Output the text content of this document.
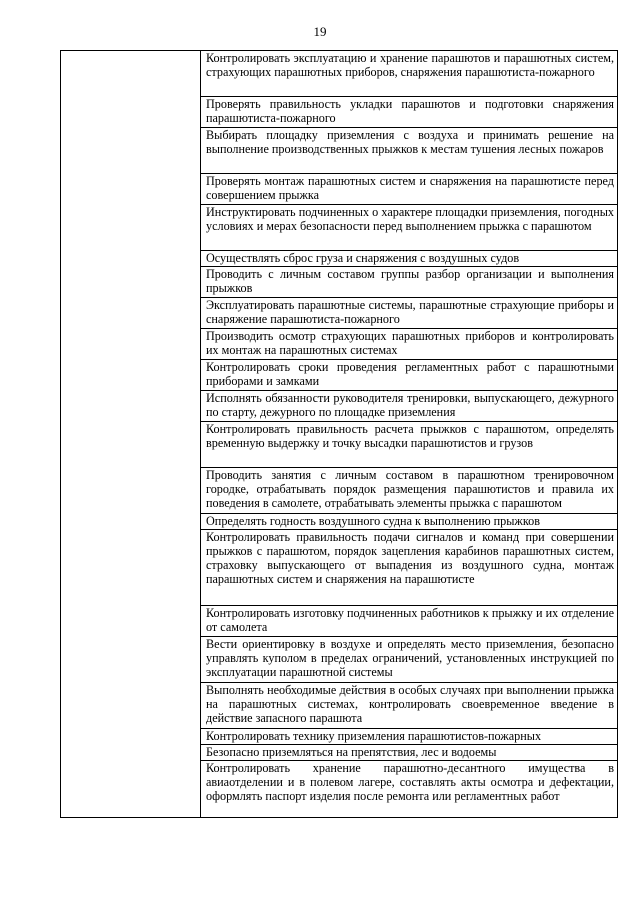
19
Контролировать эксплуатацию и хранение парашютов и парашютных систем, страхующих парашютных приборов, снаряжения парашютиста-пожарного
Проверять правильность укладки парашютов и подготовки снаряжения парашютиста-пожарного
Выбирать площадку приземления с воздуха и принимать решение на выполнение производственных прыжков к местам тушения лесных пожаров
Проверять монтаж парашютных систем и снаряжения на парашютисте перед совершением прыжка
Инструктировать подчиненных о характере площадки приземления, погодных условиях и мерах безопасности перед выполнением прыжка с парашютом
Осуществлять сброс груза и снаряжения с воздушных судов
Проводить с личным составом группы разбор организации и выполнения прыжков
Эксплуатировать парашютные системы, парашютные страхующие приборы и снаряжение парашютиста-пожарного
Производить осмотр страхующих парашютных приборов и контролировать их монтаж на парашютных системах
Контролировать сроки проведения регламентных работ с парашютными приборами и замками
Исполнять обязанности руководителя тренировки, выпускающего, дежурного по старту, дежурного по площадке приземления
Контролировать правильность расчета прыжков с парашютом, определять временную выдержку и точку высадки парашютистов и грузов
Проводить занятия с личным составом в парашютном тренировочном городке, отрабатывать порядок размещения парашютистов и правила их поведения в самолете, отрабатывать элементы прыжка с парашютом
Определять годность воздушного судна к выполнению прыжков
Контролировать правильность подачи сигналов и команд при совершении прыжков с парашютом, порядок зацепления карабинов парашютных систем, страховку выпускающего от выпадения из воздушного судна, монтаж парашютных систем и снаряжения на парашютисте
Контролировать изготовку подчиненных работников к прыжку и их отделение от самолета
Вести ориентировку в воздухе и определять место приземления, безопасно управлять куполом в пределах ограничений, установленных инструкцией по эксплуатации парашютной системы
Выполнять необходимые действия в особых случаях при выполнении прыжка на парашютных системах, контролировать своевременное введение в действие запасного парашюта
Контролировать технику приземления парашютистов-пожарных
Безопасно приземляться на препятствия, лес и водоемы
Контролировать хранение парашютно-десантного имущества в авиаотделении и в полевом лагере, составлять акты осмотра и дефектации, оформлять паспорт изделия после ремонта или регламентных работ
